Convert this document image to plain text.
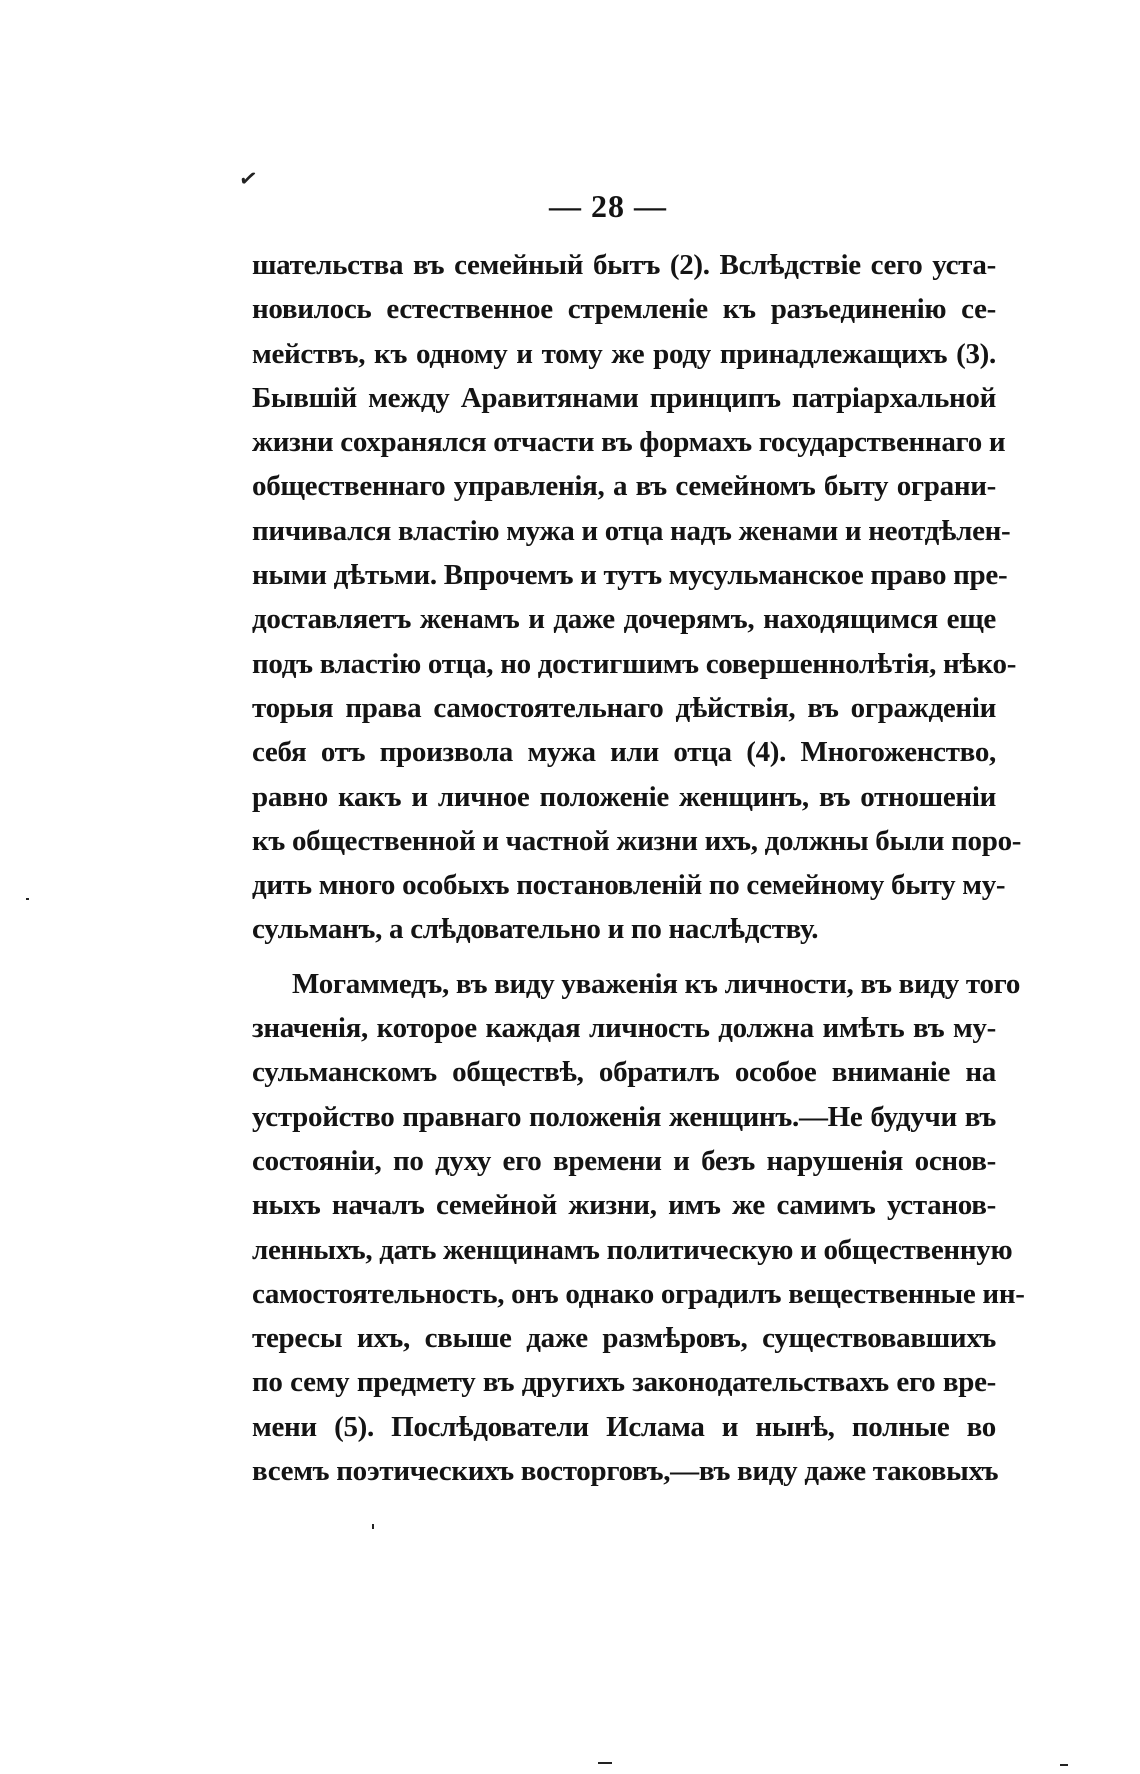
✓
— 28 —
шательства въ семейный бытъ (2). Вслѣдствіе сего уста-
новилось естественное стремленіе къ разъединенію се-
мействъ, къ одному и тому же роду принадлежащихъ (3).
Бывшій между Аравитянами принципъ патріархальной
жизни сохранялся отчасти въ формахъ государственнаго и
общественнаго управленія, а въ семейномъ быту ограни-
пичивался властію мужа и отца надъ женами и неотдѣлен-
ными дѣтьми. Впрочемъ и тутъ мусульманское право пре-
доставляетъ женамъ и даже дочерямъ, находящимся еще
подъ властію отца, но достигшимъ совершеннолѣтія, нѣко-
торыя права самостоятельнаго дѣйствія, въ огражденіи
себя отъ произвола мужа или отца (4). Многоженство,
равно какъ и личное положеніе женщинъ, въ отношеніи
къ общественной и частной жизни ихъ, должны были поро-
дить много особыхъ постановленій по семейному быту му-
сульманъ, а слѣдовательно и по наслѣдству.
Могаммедъ, въ виду уваженія къ личности, въ виду того
значенія, которое каждая личность должна имѣть въ му-
сульманскомъ обществѣ, обратилъ особое вниманіе на
устройство правнаго положенія женщинъ.—Не будучи въ
состояніи, по духу его времени и безъ нарушенія основ-
ныхъ началъ семейной жизни, имъ же самимъ установ-
ленныхъ, дать женщинамъ политическую и общественную
самостоятельность, онъ однако оградилъ вещественные ин-
тересы ихъ, свыше даже размѣровъ, существовавшихъ
по сему предмету въ другихъ законодательствахъ его вре-
мени (5). Послѣдователи Ислама и нынѣ, полные во
всемъ поэтическихъ восторговъ,—въ виду даже таковыхъ
